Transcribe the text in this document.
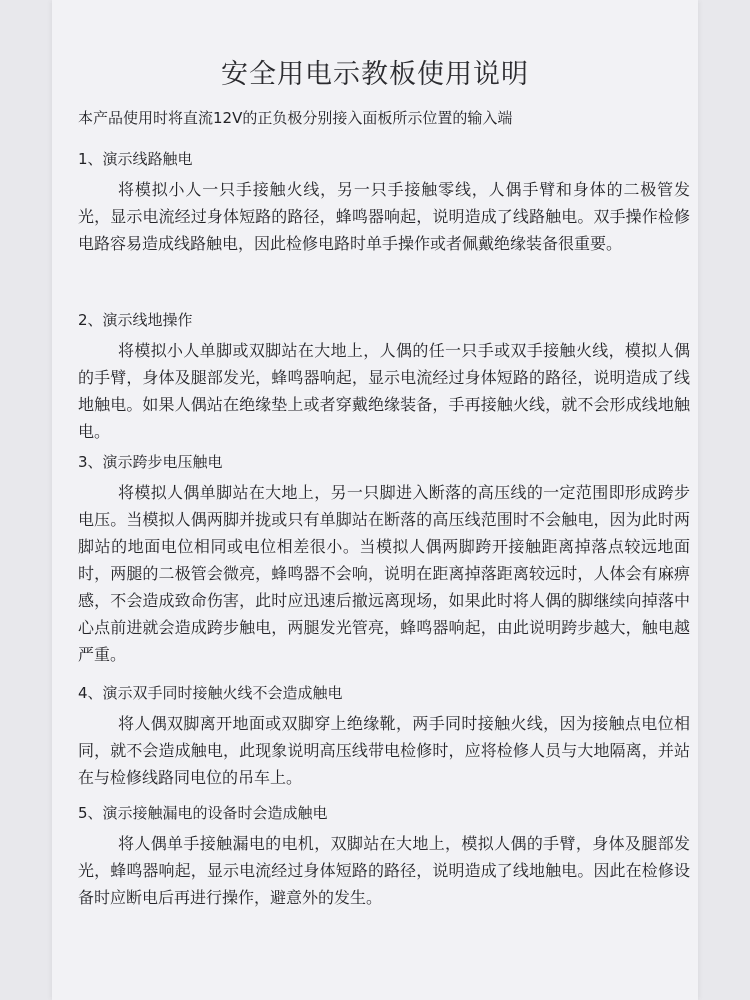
安全用电示教板使用说明
本产品使用时将直流12V的正负极分别接入面板所示位置的输入端
1、演示线路触电
将模拟小人一只手接触火线，另一只手接触零线，人偶手臂和身体的二极管发光，显示电流经过身体短路的路径，蜂鸣器响起，说明造成了线路触电。双手操作检修电路容易造成线路触电，因此检修电路时单手操作或者佩戴绝缘装备很重要。
2、演示线地操作
将模拟小人单脚或双脚站在大地上，人偶的任一只手或双手接触火线，模拟人偶的手臂，身体及腿部发光，蜂鸣器响起，显示电流经过身体短路的路径，说明造成了线地触电。如果人偶站在绝缘垫上或者穿戴绝缘装备，手再接触火线，就不会形成线地触电。
3、演示跨步电压触电
将模拟人偶单脚站在大地上，另一只脚进入断落的高压线的一定范围即形成跨步电压。当模拟人偶两脚并拢或只有单脚站在断落的高压线范围时不会触电，因为此时两脚站的地面电位相同或电位相差很小。当模拟人偶两脚跨开接触距离掉落点较远地面时，两腿的二极管会微亮，蜂鸣器不会响，说明在距离掉落距离较远时，人体会有麻痹感，不会造成致命伤害，此时应迅速后撤远离现场，如果此时将人偶的脚继续向掉落中心点前进就会造成跨步触电，两腿发光管亮，蜂鸣器响起，由此说明跨步越大，触电越严重。
4、演示双手同时接触火线不会造成触电
将人偶双脚离开地面或双脚穿上绝缘靴，两手同时接触火线，因为接触点电位相同，就不会造成触电，此现象说明高压线带电检修时，应将检修人员与大地隔离，并站在与检修线路同电位的吊车上。
5、演示接触漏电的设备时会造成触电
将人偶单手接触漏电的电机，双脚站在大地上，模拟人偶的手臂，身体及腿部发光，蜂鸣器响起，显示电流经过身体短路的路径，说明造成了线地触电。因此在检修设备时应断电后再进行操作，避意外的发生。
